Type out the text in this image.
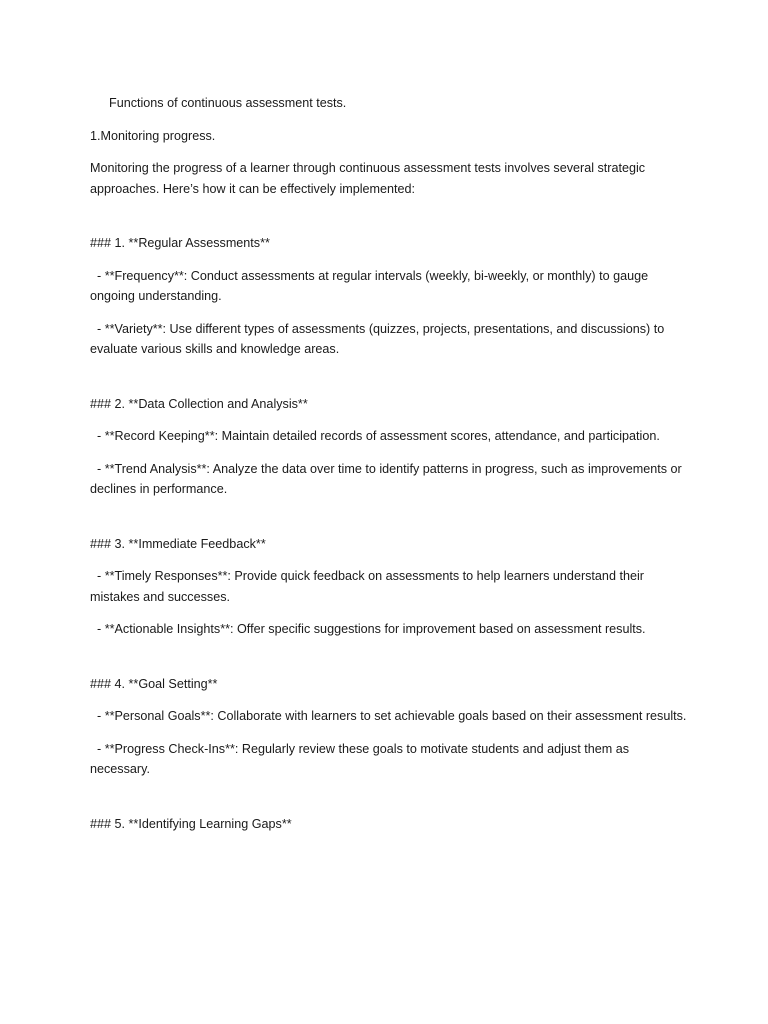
Functions of continuous assessment tests.

1.Monitoring progress.

Monitoring the progress of a learner through continuous assessment tests involves several strategic approaches. Here’s how it can be effectively implemented:

### 1. **Regular Assessments**

- **Frequency**: Conduct assessments at regular intervals (weekly, bi-weekly, or monthly) to gauge ongoing understanding.

- **Variety**: Use different types of assessments (quizzes, projects, presentations, and discussions) to evaluate various skills and knowledge areas.

### 2. **Data Collection and Analysis**

- **Record Keeping**: Maintain detailed records of assessment scores, attendance, and participation.

- **Trend Analysis**: Analyze the data over time to identify patterns in progress, such as improvements or declines in performance.

### 3. **Immediate Feedback**

- **Timely Responses**: Provide quick feedback on assessments to help learners understand their mistakes and successes.

- **Actionable Insights**: Offer specific suggestions for improvement based on assessment results.

### 4. **Goal Setting**

- **Personal Goals**: Collaborate with learners to set achievable goals based on their assessment results.

- **Progress Check-Ins**: Regularly review these goals to motivate students and adjust them as necessary.

### 5. **Identifying Learning Gaps**
